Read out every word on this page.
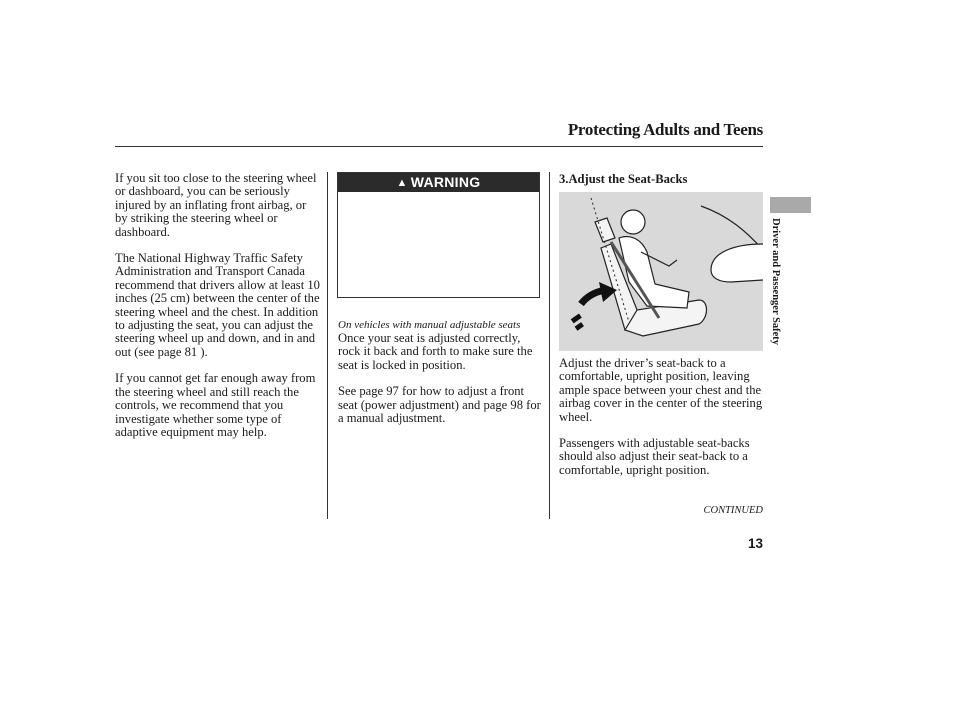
Protecting Adults and Teens

If you sit too close to the steering wheel or dashboard, you can be seriously injured by an inflating front airbag, or by striking the steering wheel or dashboard.

The National Highway Traffic Safety Administration and Transport Canada recommend that drivers allow at least 10 inches (25 cm) between the center of the steering wheel and the chest. In addition to adjusting the seat, you can adjust the steering wheel up and down, and in and out (see page 81 ).

If you cannot get far enough away from the steering wheel and still reach the controls, we recommend that you investigate whether some type of adaptive equipment may help.

▲ WARNING

On vehicles with manual adjustable seats

Once your seat is adjusted correctly, rock it back and forth to make sure the seat is locked in position.

See page 97 for how to adjust a front seat (power adjustment) and page 98 for a manual adjustment.

3.Adjust the Seat-Backs

Adjust the driver’s seat-back to a comfortable, upright position, leaving ample space between your chest and the airbag cover in the center of the steering wheel.

Passengers with adjustable seat-backs should also adjust their seat-back to a comfortable, upright position.

Driver and Passenger Safety
CONTINUED
13
